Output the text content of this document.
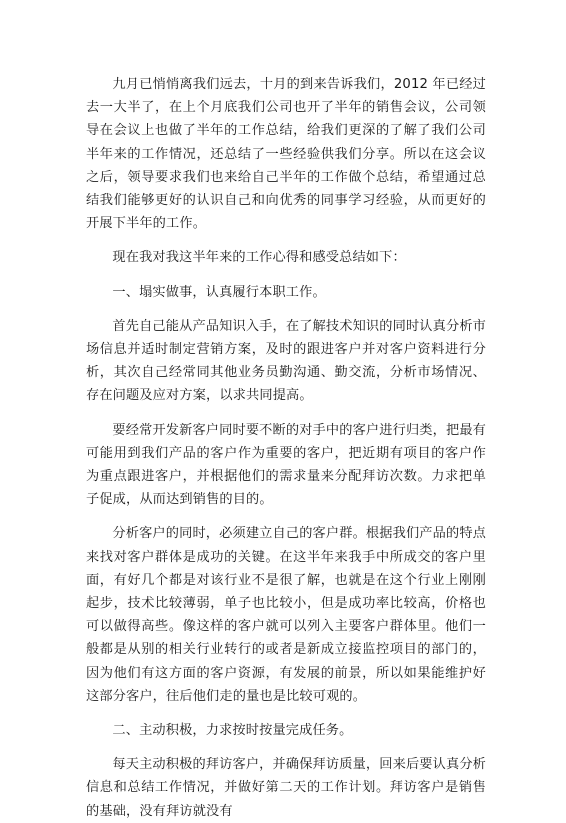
九月已悄悄离我们远去，十月的到来告诉我们，2012 年已经过去一大半了，在上个月底我们公司也开了半年的销售会议，公司领导在会议上也做了半年的工作总结，给我们更深的了解了我们公司半年来的工作情况，还总结了一些经验供我们分享。所以在这会议之后，领导要求我们也来给自己半年的工作做个总结，希望通过总结我们能够更好的认识自己和向优秀的同事学习经验，从而更好的开展下半年的工作。

现在我对我这半年来的工作心得和感受总结如下：

一、塌实做事，认真履行本职工作。

首先自己能从产品知识入手，在了解技术知识的同时认真分析市场信息并适时制定营销方案，及时的跟进客户并对客户资料进行分析，其次自己经常同其他业务员勤沟通、勤交流，分析市场情况、存在问题及应对方案，以求共同提高。

要经常开发新客户同时要不断的对手中的客户进行归类，把最有可能用到我们产品的客户作为重要的客户，把近期有项目的客户作为重点跟进客户，并根据他们的需求量来分配拜访次数。力求把单子促成，从而达到销售的目的。

分析客户的同时，必须建立自己的客户群。根据我们产品的特点来找对客户群体是成功的关键。在这半年来我手中所成交的客户里面，有好几个都是对该行业不是很了解，也就是在这个行业上刚刚起步，技术比较薄弱，单子也比较小，但是成功率比较高，价格也可以做得高些。像这样的客户就可以列入主要客户群体里。他们一般都是从别的相关行业转行的或者是新成立接监控项目的部门的，因为他们有这方面的客户资源，有发展的前景，所以如果能维护好这部分客户，往后他们走的量也是比较可观的。

二、主动积极，力求按时按量完成任务。

每天主动积极的拜访客户，并确保拜访质量，回来后要认真分析信息和总结工作情况，并做好第二天的工作计划。拜访客户是销售的基础，没有拜访就没有
